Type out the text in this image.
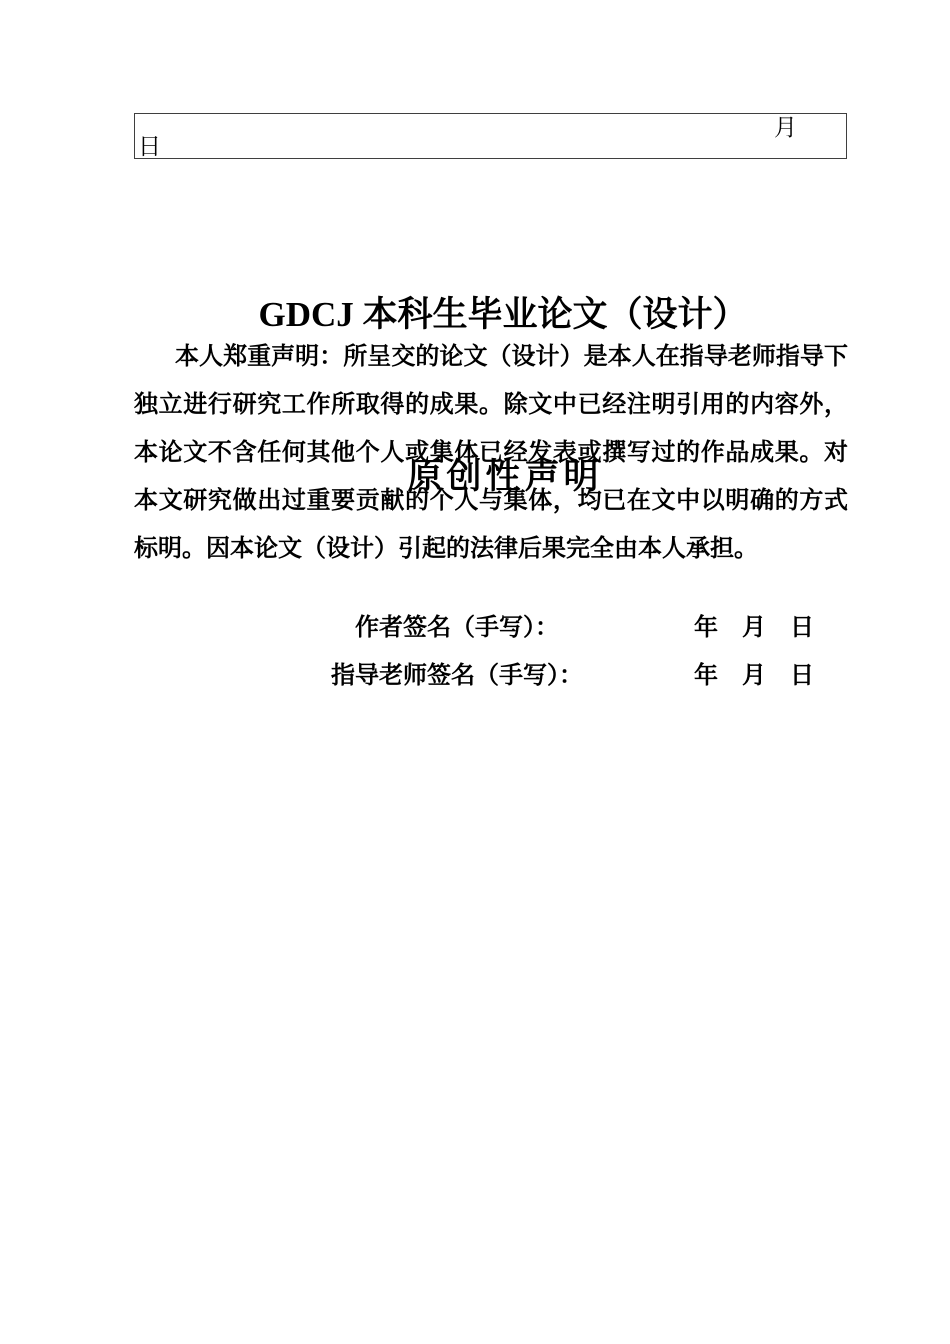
月
日

GDCJ 本科生毕业论文（设计）

原创性声明

本人郑重声明：所呈交的论文（设计）是本人在指导老师指导下
独立进行研究工作所取得的成果。除文中已经注明引用的内容外，
本论文不含任何其他个人或集体已经发表或撰写过的作品成果。对
本文研究做出过重要贡献的个人与集体，均已在文中以明确的方式
标明。因本论文（设计）引起的法律后果完全由本人承担。
作者签名（手写）：	年　月　日
指导老师签名（手写）：	年　月　日
